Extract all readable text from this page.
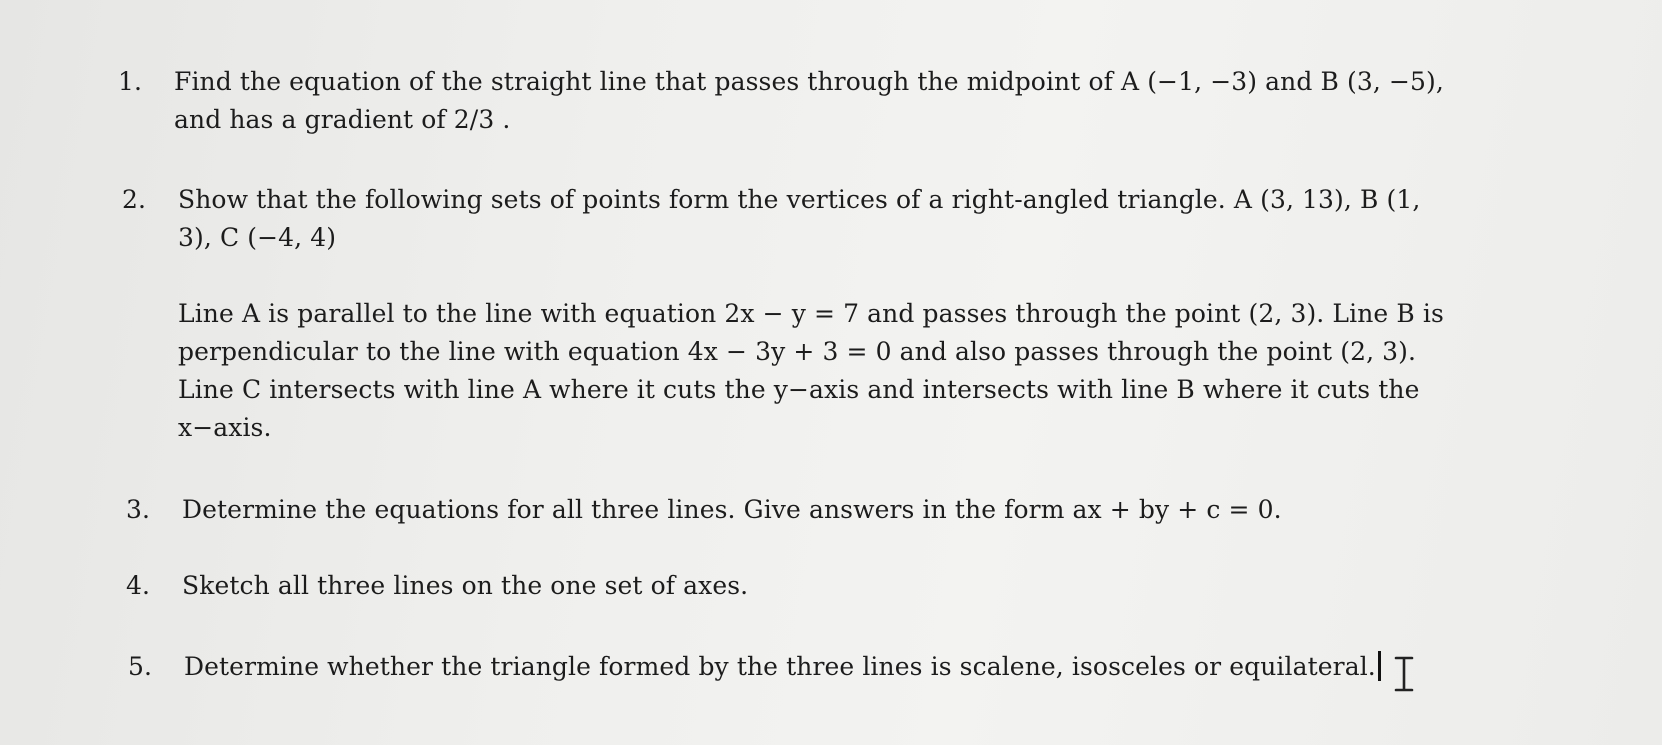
1.	Find the equation of the straight line that passes through the midpoint of A (−1, −3) and B (3, −5),
and has a gradient of 2/3 .
2.	Show that the following sets of points form the vertices of a right-angled triangle. A (3, 13), B (1,
3), C (−4, 4)
Line A is parallel to the line with equation 2x − y = 7 and passes through the point (2, 3). Line B is
perpendicular to the line with equation 4x − 3y + 3 = 0 and also passes through the point (2, 3).
Line C intersects with line A where it cuts the y−axis and intersects with line B where it cuts the
x−axis.
3.	Determine the equations for all three lines. Give answers in the form ax + by + c = 0.
4.	Sketch all three lines on the one set of axes.
5.	Determine whether the triangle formed by the three lines is scalene, isosceles or equilateral.
